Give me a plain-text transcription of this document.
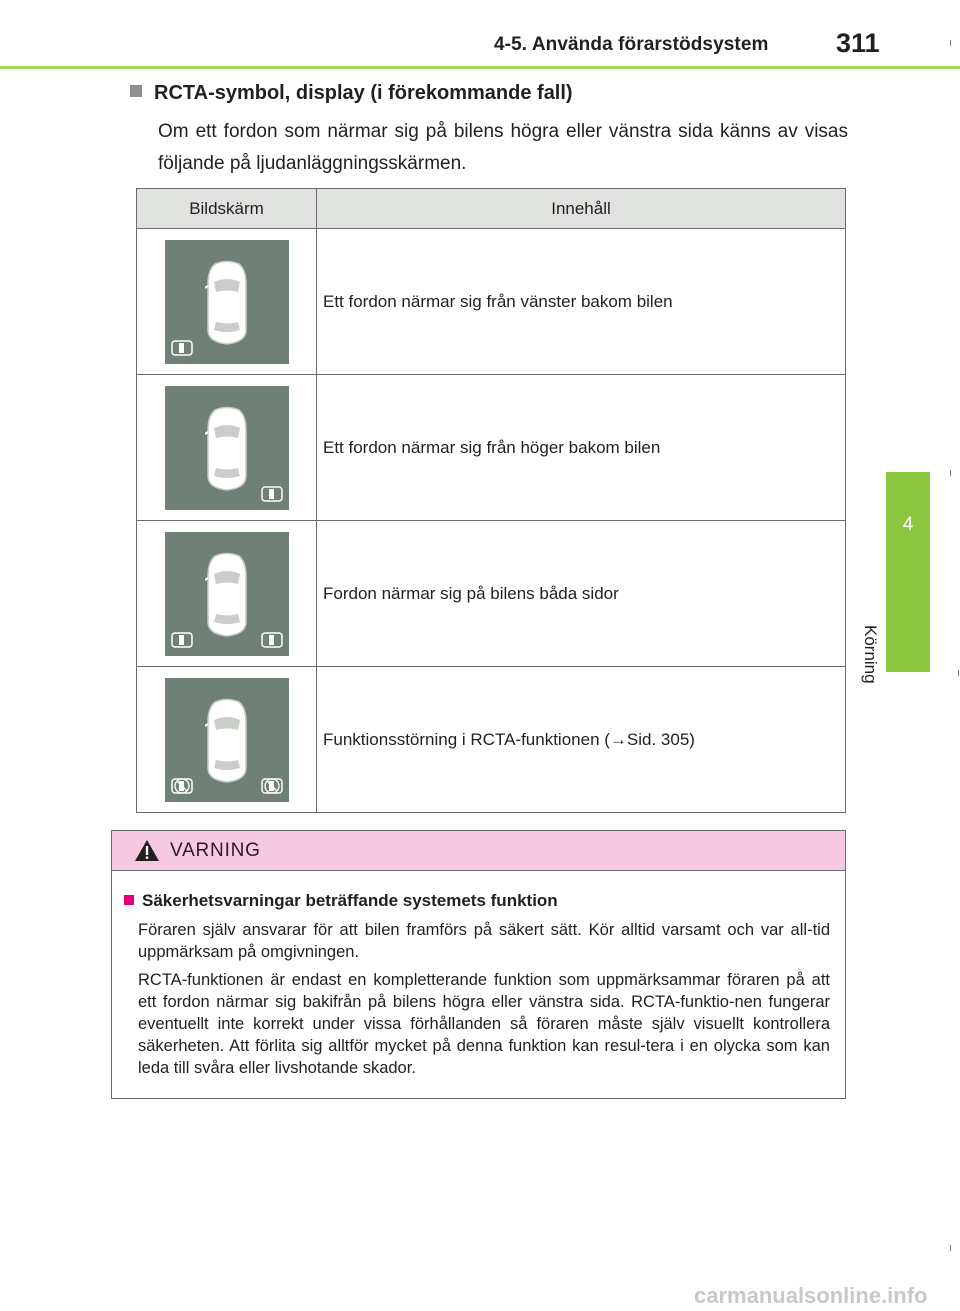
4-5. Använda förarstödsystem 311
4
Körning
RCTA-symbol, display (i förekommande fall)
Om ett fordon som närmar sig på bilens högra eller vänstra sida känns av visas följande på ljudanläggningsskärmen.
Bildskärm	Innehåll

	Ett fordon närmar sig från vänster bakom bilen

	Ett fordon närmar sig från höger bakom bilen

	Fordon närmar sig på bilens båda sidor

	Funktionsstörning i RCTA-funktionen (→Sid. 305)
VARNING
Säkerhetsvarningar beträffande systemets funktion
Föraren själv ansvarar för att bilen framförs på säkert sätt. Kör alltid varsamt och var all-tid uppmärksam på omgivningen.
RCTA-funktionen är endast en kompletterande funktion som uppmärksammar föraren på att ett fordon närmar sig bakifrån på bilens högra eller vänstra sida. RCTA-funktio-nen fungerar eventuellt inte korrekt under vissa förhållanden så föraren måste själv visuellt kontrollera säkerheten. Att förlita sig alltför mycket på denna funktion kan resul-tera i en olycka som kan leda till svåra eller livshotande skador.
carmanualsonline.info
